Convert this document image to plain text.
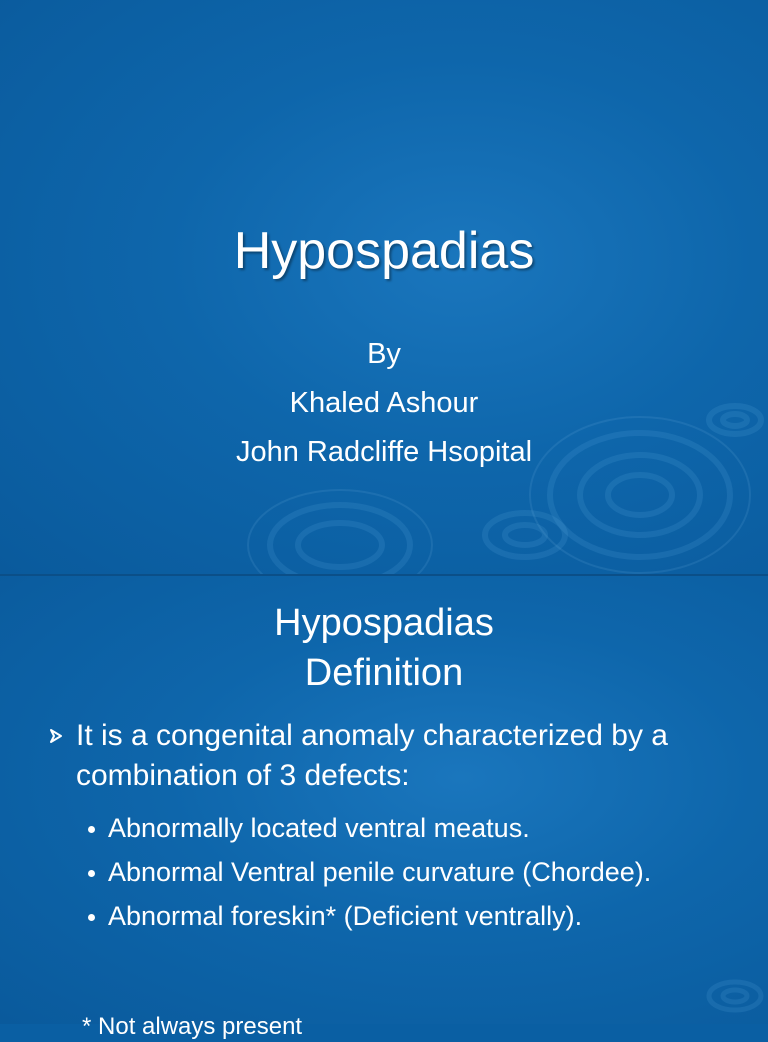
Hypospadias
By
Khaled Ashour
John Radcliffe Hsopital
Hypospadias
Definition
It is a congenital anomaly characterized by a combination of 3 defects:
Abnormally located ventral meatus.
Abnormal Ventral penile curvature (Chordee).
Abnormal foreskin* (Deficient ventrally).
* Not always present
